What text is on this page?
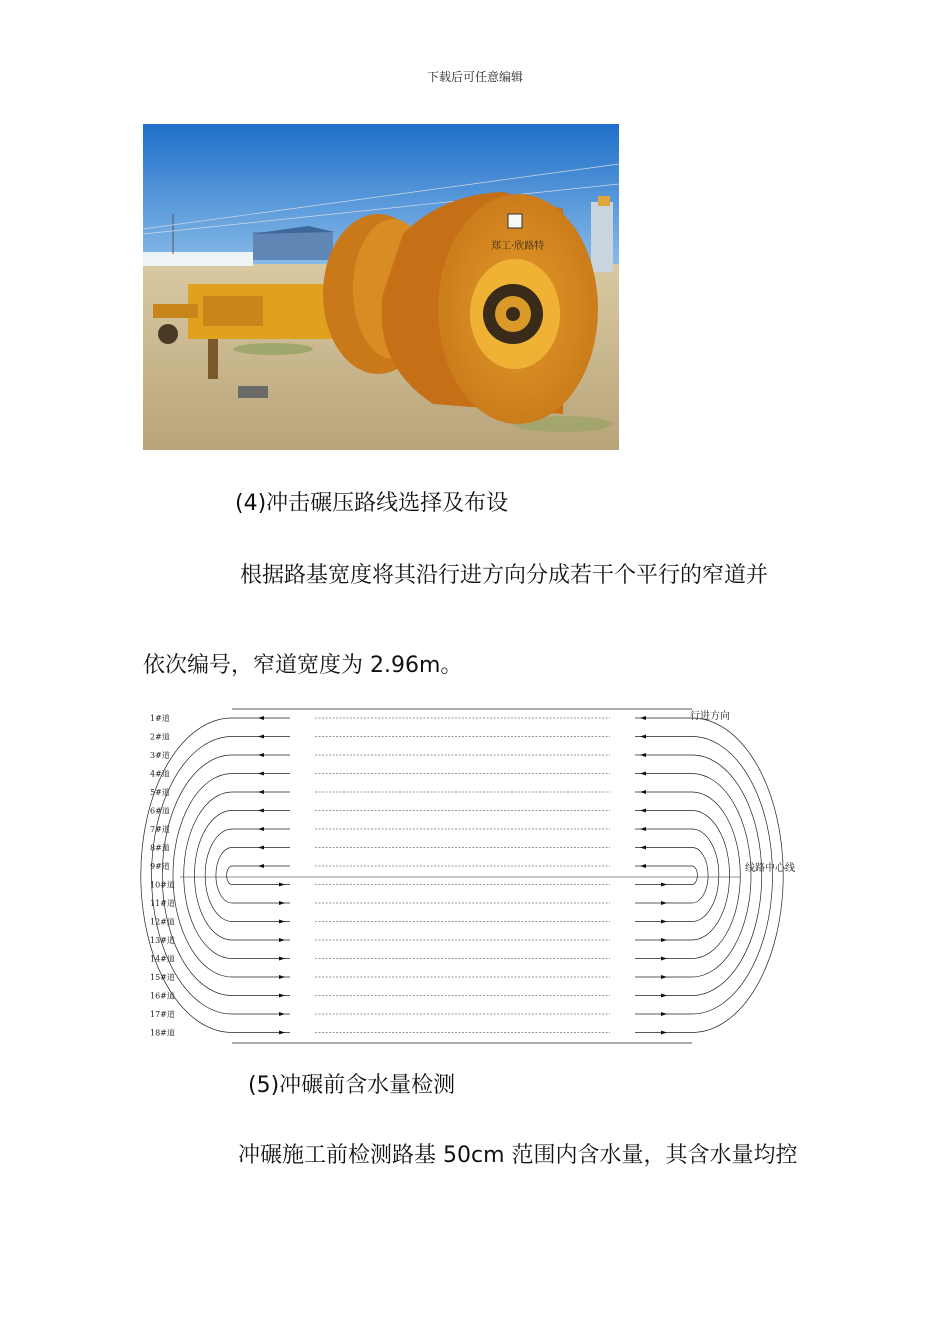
下载后可任意编辑
郑工·欣路特
(4)冲击碾压路线选择及布设
根据路基宽度将其沿行进方向分成若干个平行的窄道并
依次编号，窄道宽度为 2.96m。
行进方向
线路中心线
1#道
2#道
3#道
4#道
5#道
6#道
7#道
8#道
9#道
10#道
11#道
12#道
13#道
14#道
15#道
16#道
17#道
18#道
(5)冲碾前含水量检测
冲碾施工前检测路基 50cm 范围内含水量，其含水量均控
